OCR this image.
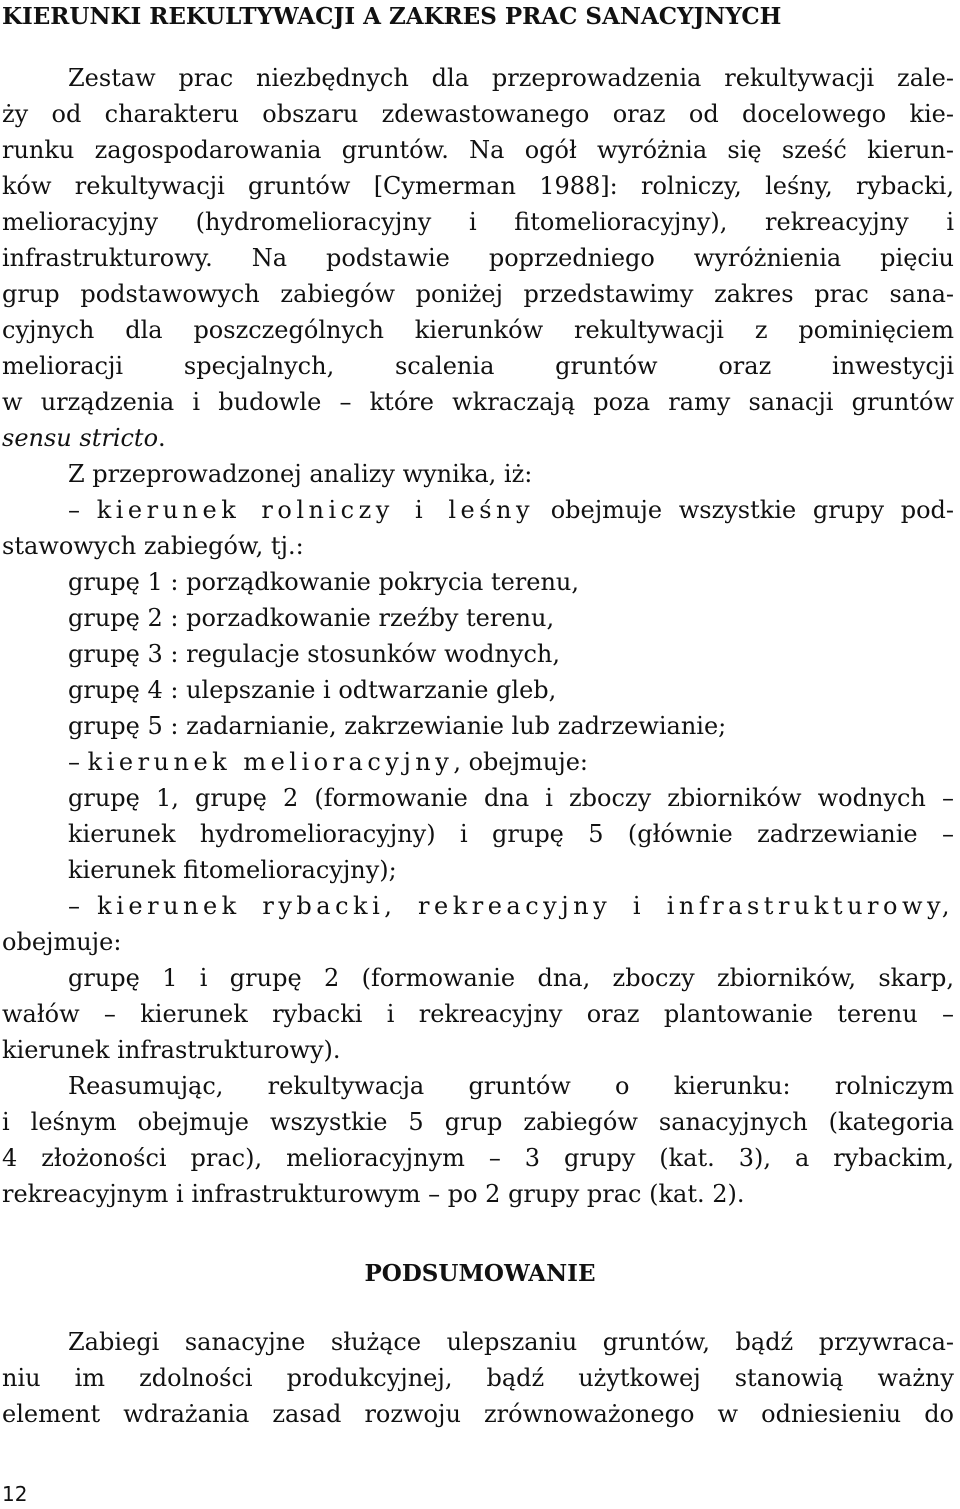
KIERUNKI REKULTYWACJI A ZAKRES PRAC SANACYJNYCH
Zestaw prac niezbędnych dla przeprowadzenia rekultywacji zale-
ży od charakteru obszaru zdewastowanego oraz od docelowego kie-
runku zagospodarowania gruntów. Na ogół wyróżnia się sześć kierun-
ków rekultywacji gruntów [Cymerman 1988]: rolniczy, leśny, rybacki,
melioracyjny (hydromelioracyjny i fitomelioracyjny), rekreacyjny i
infrastrukturowy. Na podstawie poprzedniego wyróżnienia pięciu
grup podstawowych zabiegów poniżej przedstawimy zakres prac sana-
cyjnych dla poszczególnych kierunków rekultywacji z pominięciem
melioracji specjalnych, scalenia gruntów oraz inwestycji
w urządzenia i budowle – które wkraczają poza ramy sanacji gruntów
sensu stricto.
Z przeprowadzonej analizy wynika, iż:
– kierunek rolniczy i leśny obejmuje wszystkie grupy pod-
stawowych zabiegów, tj.:
grupę 1 : porządkowanie pokrycia terenu,
grupę 2 : porzadkowanie rzeźby terenu,
grupę 3 : regulacje stosunków wodnych,
grupę 4 : ulepszanie i odtwarzanie gleb,
grupę 5 : zadarnianie, zakrzewianie lub zadrzewianie;
– kierunek melioracyjny, obejmuje:
grupę 1, grupę 2 (formowanie dna i zboczy zbiorników wodnych –
kierunek hydromelioracyjny) i grupę 5 (głównie zadrzewianie –
kierunek fitomelioracyjny);
– kierunek rybacki, rekreacyjny i infrastrukturowy,
obejmuje:
grupę 1 i grupę 2 (formowanie dna, zboczy zbiorników, skarp,
wałów – kierunek rybacki i rekreacyjny oraz plantowanie terenu –
kierunek infrastrukturowy).
Reasumując, rekultywacja gruntów o kierunku: rolniczym
i leśnym obejmuje wszystkie 5 grup zabiegów sanacyjnych (kategoria
4 złożoności prac), melioracyjnym – 3 grupy (kat. 3), a rybackim,
rekreacyjnym i infrastrukturowym – po 2 grupy prac (kat. 2).
PODSUMOWANIE
Zabiegi sanacyjne służące ulepszaniu gruntów, bądź przywraca-
niu im zdolności produkcyjnej, bądź użytkowej stanowią ważny
element wdrażania zasad rozwoju zrównoważonego w odniesieniu do
12
